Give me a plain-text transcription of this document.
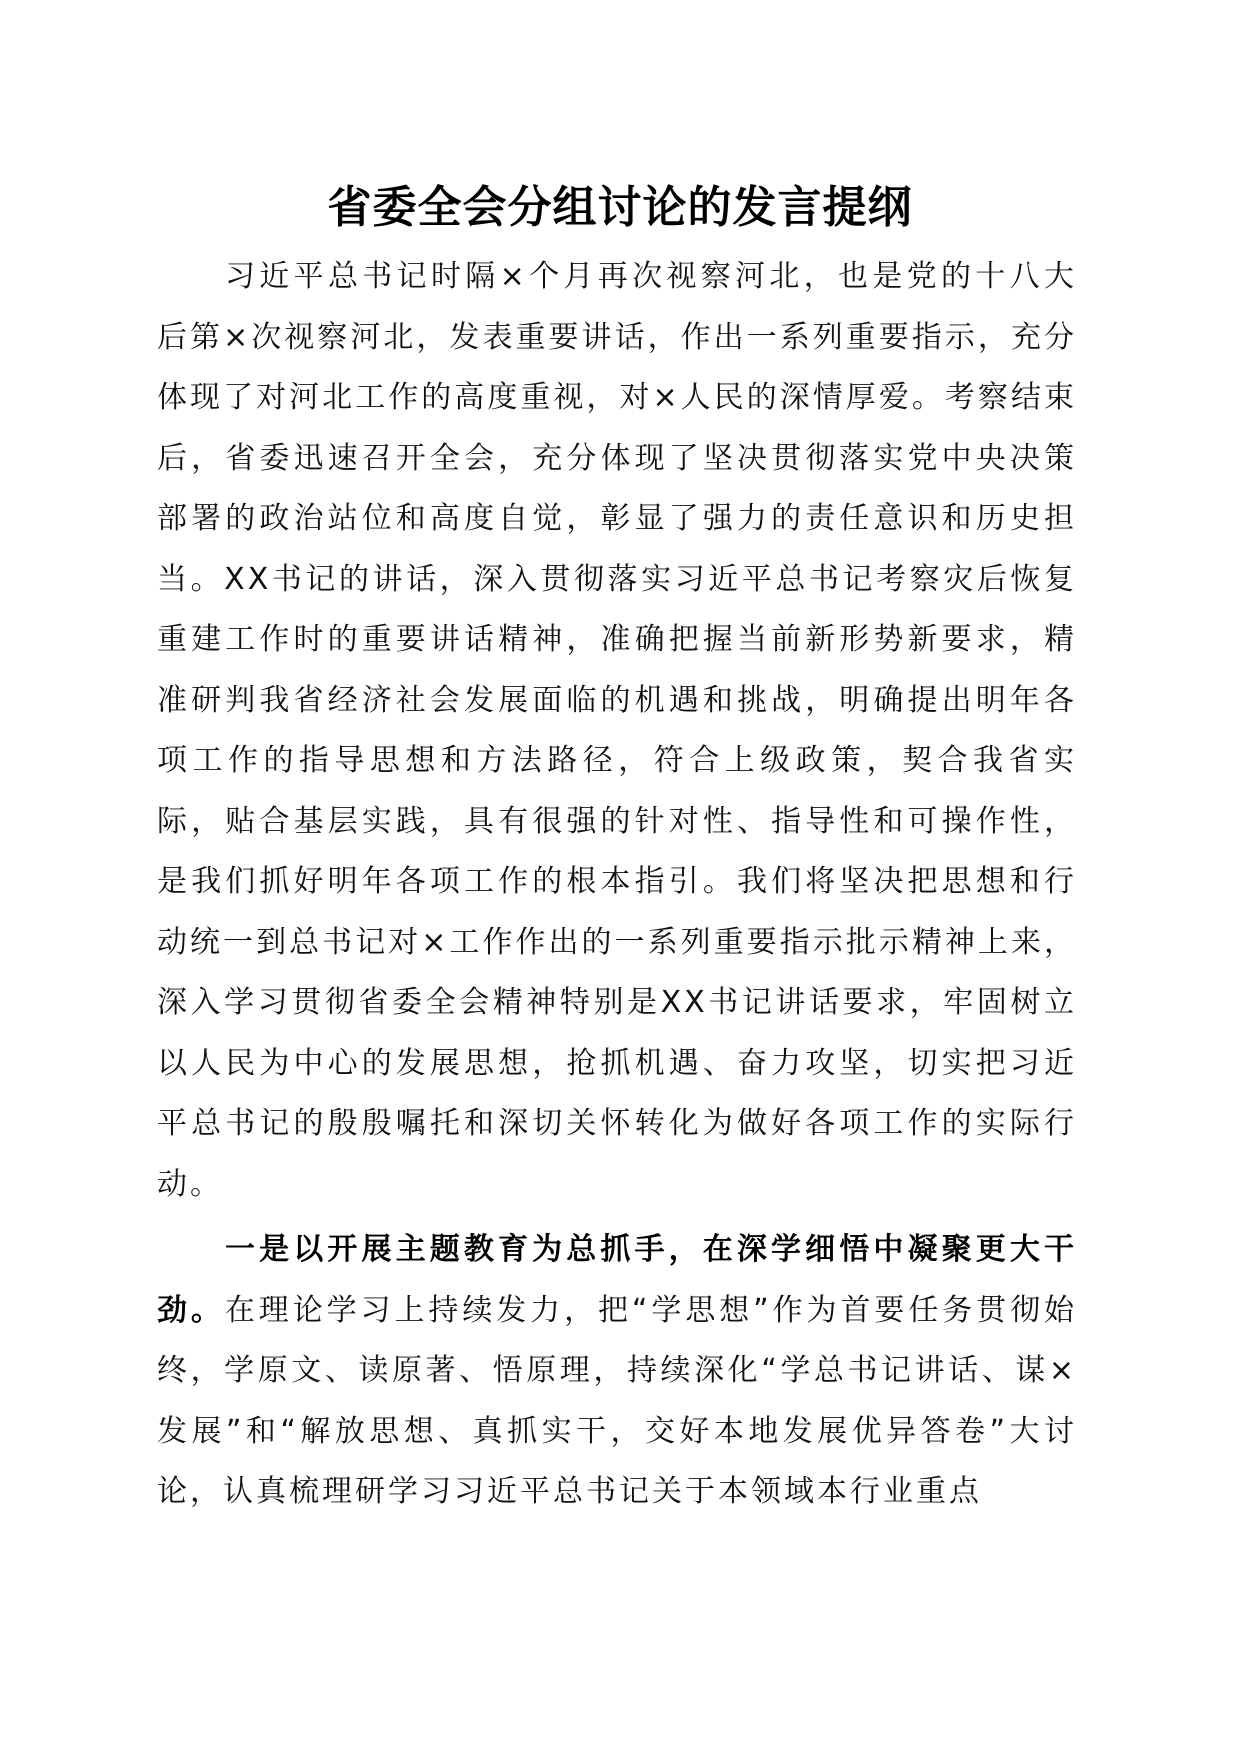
省委全会分组讨论的发言提纲

习近平总书记时隔×个月再次视察河北，也是党的十八大后第×次视察河北，发表重要讲话，作出一系列重要指示，充分体现了对河北工作的高度重视，对×人民的深情厚爱。考察结束后，省委迅速召开全会，充分体现了坚决贯彻落实党中央决策部署的政治站位和高度自觉，彰显了强力的责任意识和历史担当。XX书记的讲话，深入贯彻落实习近平总书记考察灾后恢复重建工作时的重要讲话精神，准确把握当前新形势新要求，精准研判我省经济社会发展面临的机遇和挑战，明确提出明年各项工作的指导思想和方法路径，符合上级政策，契合我省实际，贴合基层实践，具有很强的针对性、指导性和可操作性，是我们抓好明年各项工作的根本指引。我们将坚决把思想和行动统一到总书记对×工作作出的一系列重要指示批示精神上来，深入学习贯彻省委全会精神特别是XX书记讲话要求，牢固树立以人民为中心的发展思想，抢抓机遇、奋力攻坚，切实把习近平总书记的殷殷嘱托和深切关怀转化为做好各项工作的实际行动。

一是以开展主题教育为总抓手，在深学细悟中凝聚更大干劲。在理论学习上持续发力，把“学思想”作为首要任务贯彻始终，学原文、读原著、悟原理，持续深化“学总书记讲话、谋×发展”和“解放思想、真抓实干，交好本地发展优异答卷”大讨论，认真梳理研学习习近平总书记关于本领域本行业重点
